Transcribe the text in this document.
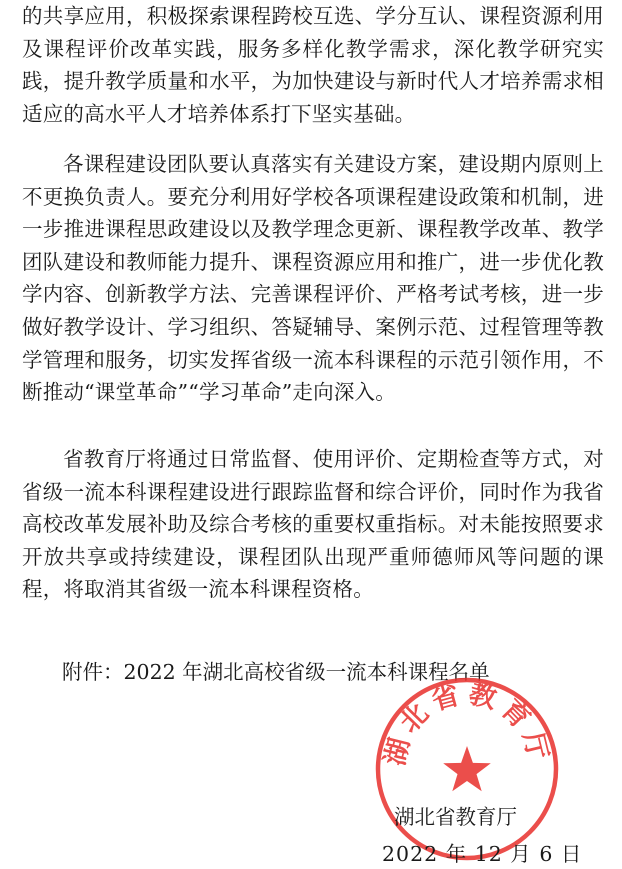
的共享应用，积极探索课程跨校互选、学分互认、课程资源利用及课程评价改革实践，服务多样化教学需求，深化教学研究实践，提升教学质量和水平，为加快建设与新时代人才培养需求相适应的高水平人才培养体系打下坚实基础。

各课程建设团队要认真落实有关建设方案，建设期内原则上不更换负责人。要充分利用好学校各项课程建设政策和机制，进一步推进课程思政建设以及教学理念更新、课程教学改革、教学团队建设和教师能力提升、课程资源应用和推广，进一步优化教学内容、创新教学方法、完善课程评价、严格考试考核，进一步做好教学设计、学习组织、答疑辅导、案例示范、过程管理等教学管理和服务，切实发挥省级一流本科课程的示范引领作用，不断推动“课堂革命”“学习革命”走向深入。

省教育厅将通过日常监督、使用评价、定期检查等方式，对省级一流本科课程建设进行跟踪监督和综合评价，同时作为我省高校改革发展补助及综合考核的重要权重指标。对未能按照要求开放共享或持续建设，课程团队出现严重师德师风等问题的课程，将取消其省级一流本科课程资格。

附件：2022 年湖北高校省级一流本科课程名单

湖北省教育厅

湖北省教育厅

2022 年 12 月 6 日
